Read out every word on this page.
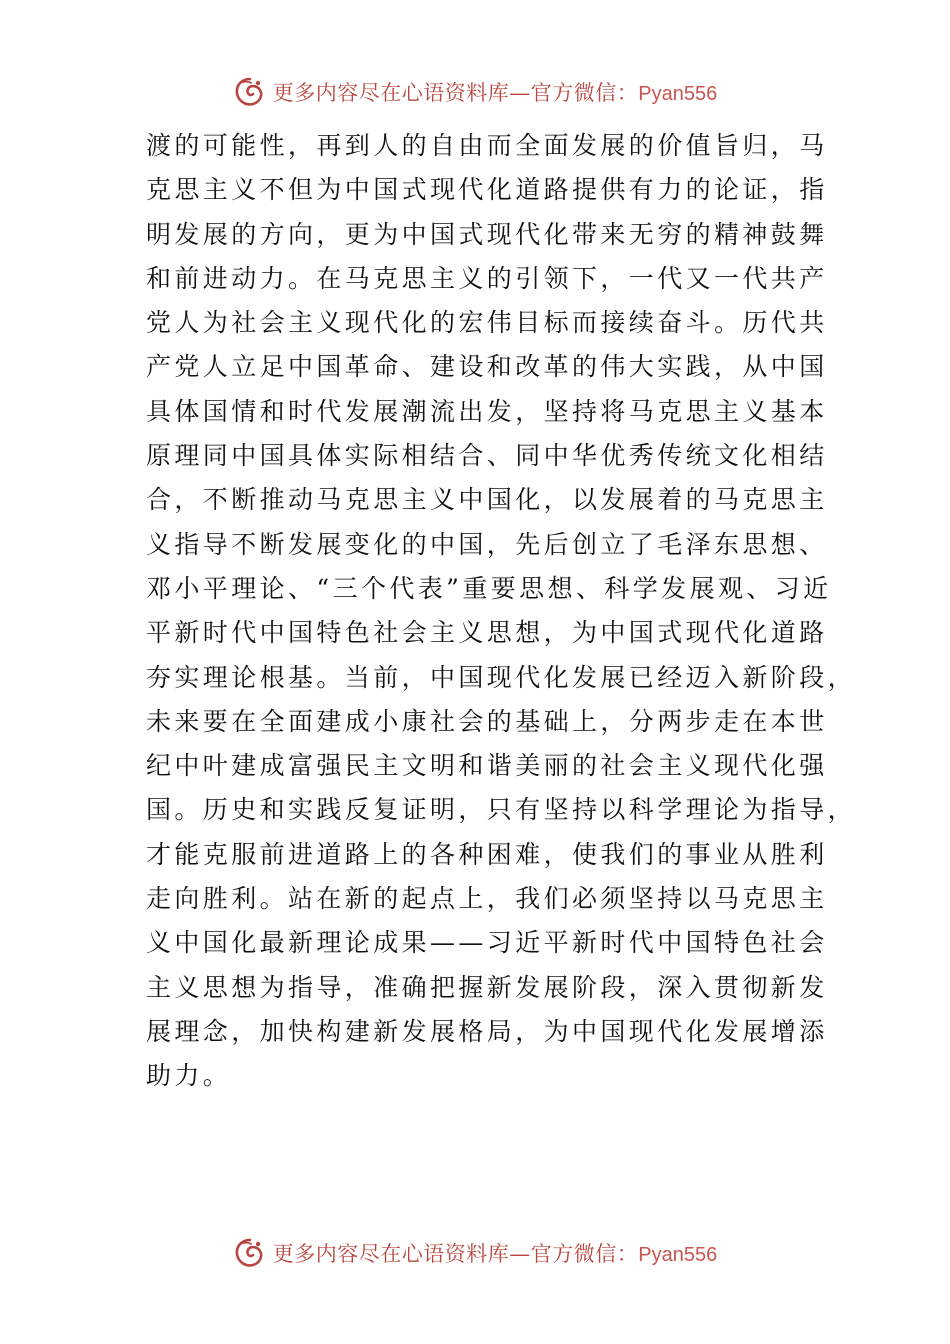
更多内容尽在心语资料库—官方微信：Pyan556
渡的可能性，再到人的自由而全面发展的价值旨归，马
克思主义不但为中国式现代化道路提供有力的论证，指
明发展的方向，更为中国式现代化带来无穷的精神鼓舞
和前进动力。在马克思主义的引领下，一代又一代共产
党人为社会主义现代化的宏伟目标而接续奋斗。历代共
产党人立足中国革命、建设和改革的伟大实践，从中国
具体国情和时代发展潮流出发，坚持将马克思主义基本
原理同中国具体实际相结合、同中华优秀传统文化相结
合，不断推动马克思主义中国化，以发展着的马克思主
义指导不断发展变化的中国，先后创立了毛泽东思想、
邓小平理论、“三个代表”重要思想、科学发展观、习近
平新时代中国特色社会主义思想，为中国式现代化道路
夯实理论根基。当前，中国现代化发展已经迈入新阶段，
未来要在全面建成小康社会的基础上，分两步走在本世
纪中叶建成富强民主文明和谐美丽的社会主义现代化强
国。历史和实践反复证明，只有坚持以科学理论为指导，
才能克服前进道路上的各种困难，使我们的事业从胜利
走向胜利。站在新的起点上，我们必须坚持以马克思主
义中国化最新理论成果——习近平新时代中国特色社会
主义思想为指导，准确把握新发展阶段，深入贯彻新发
展理念，加快构建新发展格局，为中国现代化发展增添
助力。
更多内容尽在心语资料库—官方微信：Pyan556
